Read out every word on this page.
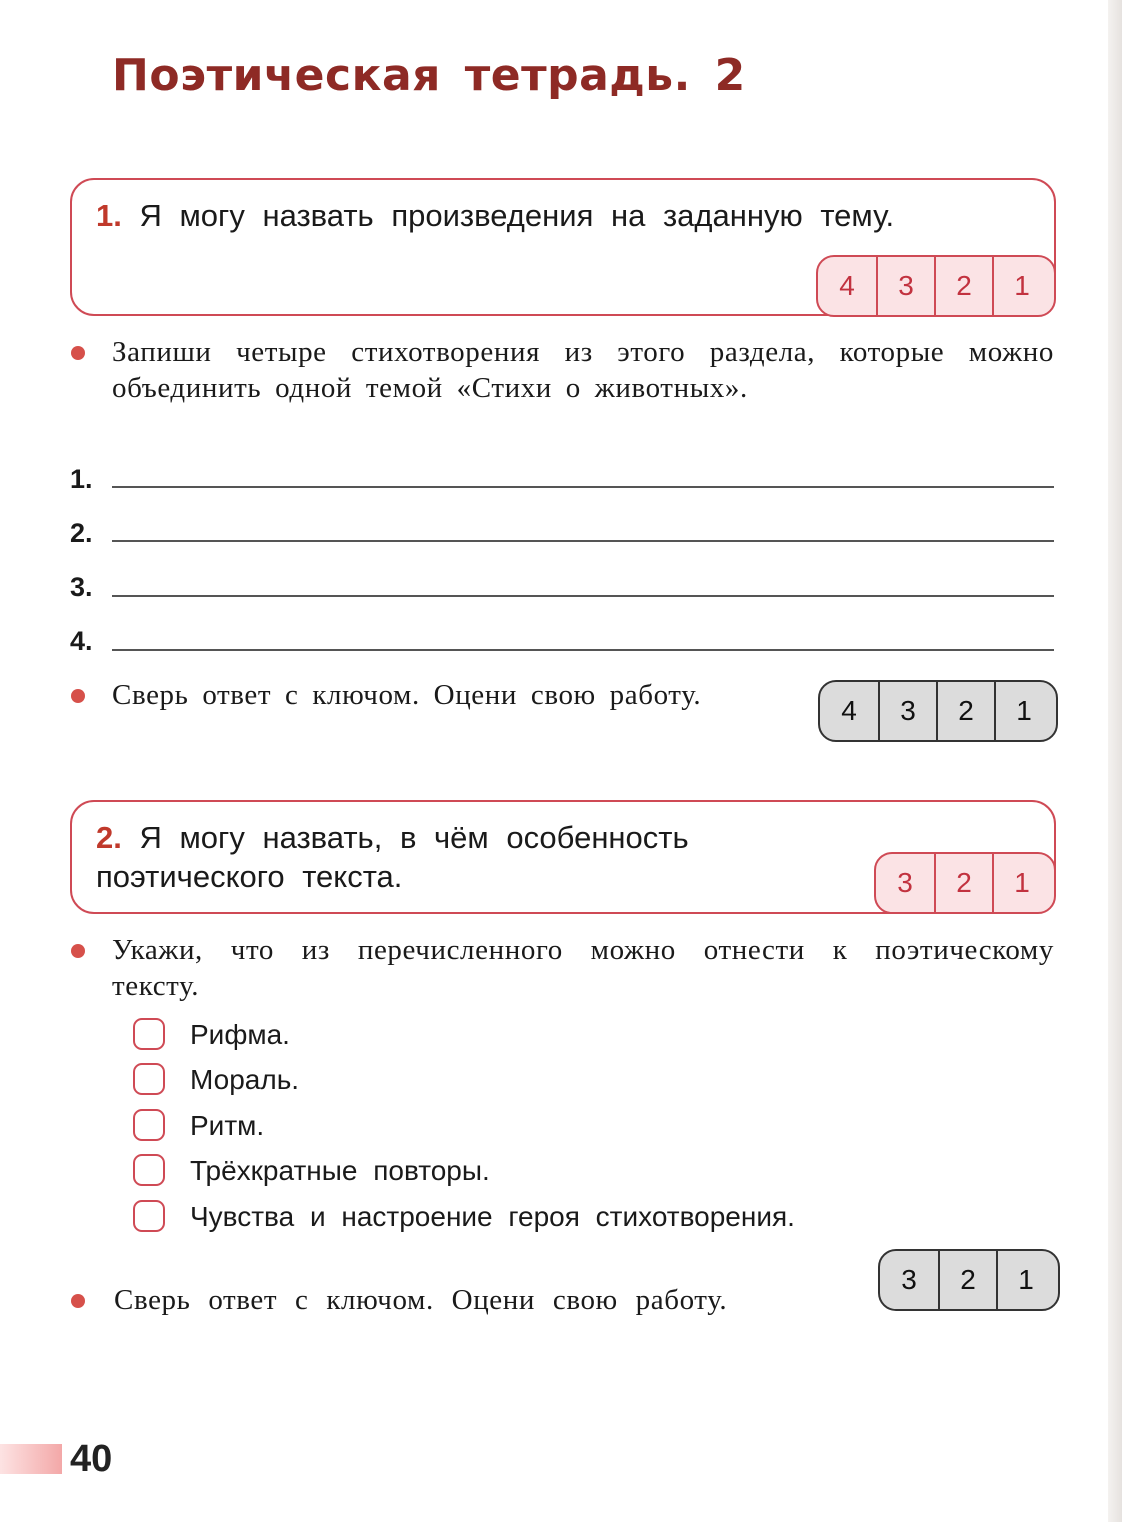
Поэтическая тетрадь. 2

1. Я могу назвать произведения на заданную тему.

4	3	2	1

Запиши четыре стихотворения из этого раздела, которые можно объединить одной темой «Стихи о животных».

1.
2.
3.
4.

Сверь ответ с ключом. Оцени свою работу.	4	3	2	1

2. Я могу назвать, в чём особенность поэтического текста.	3	2	1

Укажи, что из перечисленного можно отнести к поэтическому тексту.

Рифма.
Мораль.
Ритм.
Трёхкратные повторы.
Чувства и настроение героя стихотворения.

Сверь ответ с ключом. Оцени свою работу.

3	2	1
40
